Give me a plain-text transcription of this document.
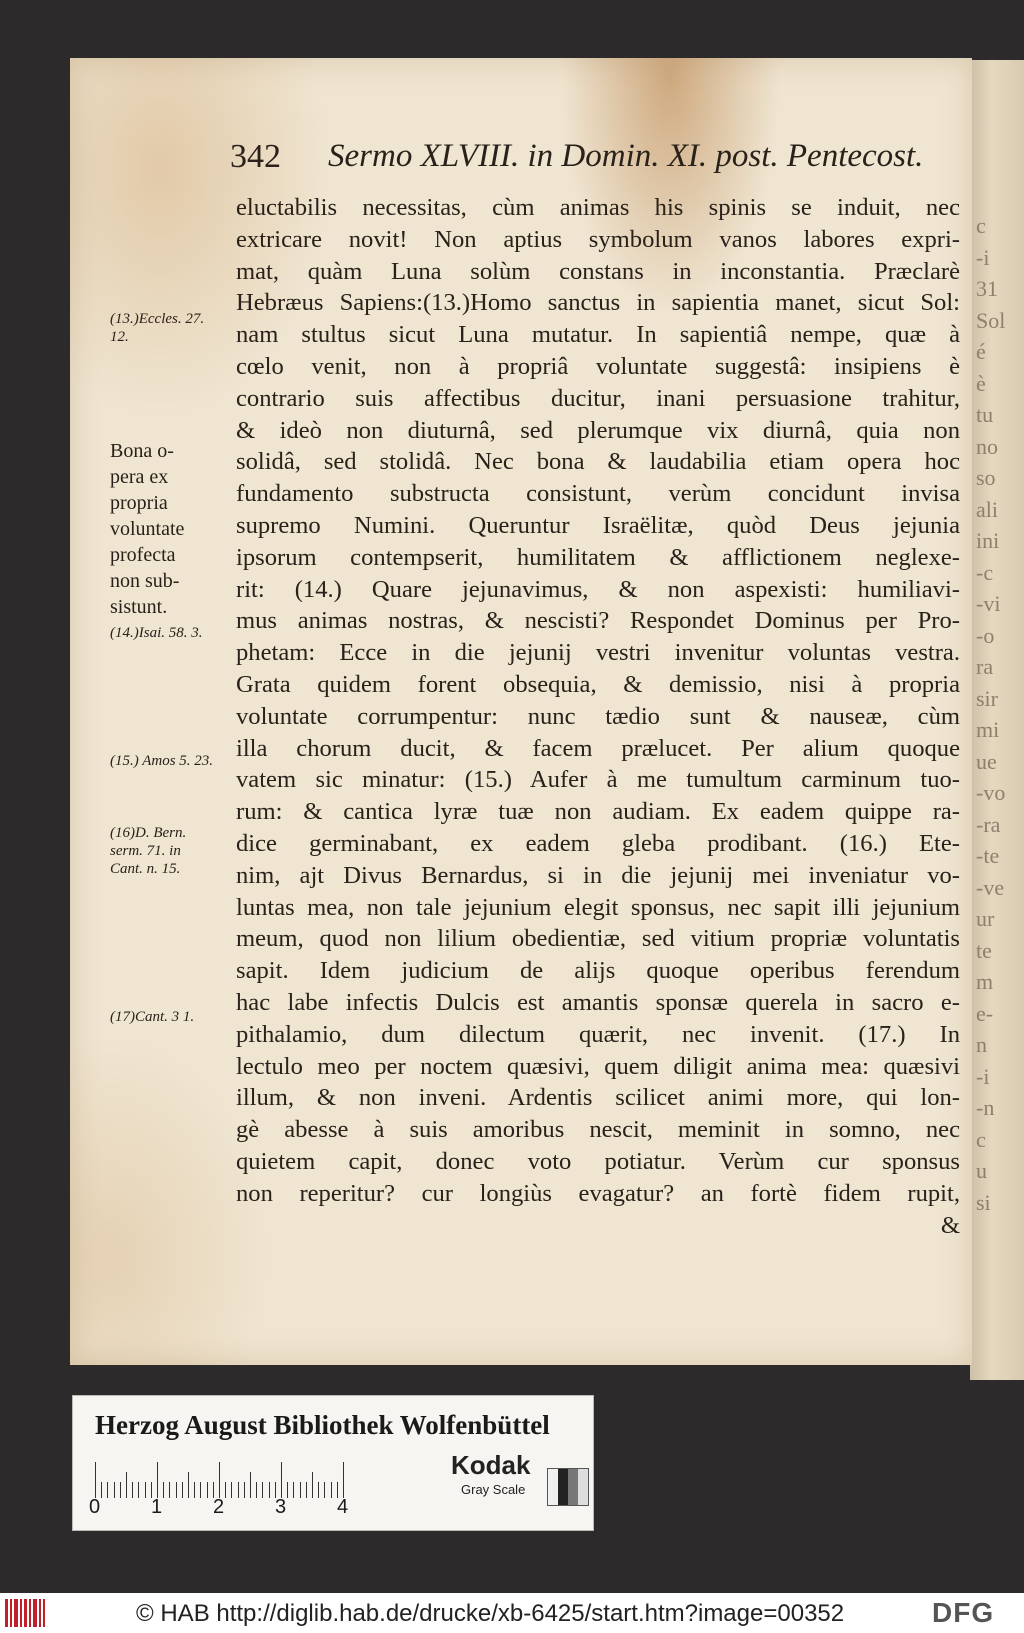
c
-i
31
Sol
é
è
tu
no
so
ali
ini
-c
-vi
-o
ra
sir
mi
ue
-vo
-ra
-te
-ve
ur
te
m
e-
n
-i
-n
c
u
si
342 Sermo XLVIII. in Domin. XI. post. Pentecost.
eluctabilis necessitas, cùm animas his spinis se induit, nec
extricare novit! Non aptius symbolum vanos labores expri-
mat, quàm Luna solùm constans in inconstantia. Præclarè
Hebræus Sapiens:(13.)Homo sanctus in sapientia manet, sicut Sol:
nam stultus sicut Luna mutatur. In sapientiâ nempe, quæ à
cœlo venit, non à propriâ voluntate suggestâ: insipiens è
contrario suis affectibus ducitur, inani persuasione trahitur,
& ideò non diuturnâ, sed plerumque vix diurnâ, quia non
solidâ, sed stolidâ. Nec bona & laudabilia etiam opera hoc
fundamento substructa consistunt, verùm concidunt invisa
supremo Numini. Queruntur Israëlitæ, quòd Deus jejunia
ipsorum contempserit, humilitatem & afflictionem neglexe-
rit: (14.) Quare jejunavimus, & non aspexisti: humiliavi-
mus animas nostras, & nescisti? Respondet Dominus per Pro-
phetam: Ecce in die jejunij vestri invenitur voluntas vestra.
Grata quidem forent obsequia, & demissio, nisi à propria
voluntate corrumpentur: nunc tædio sunt & nauseæ, cùm
illa chorum ducit, & facem prælucet. Per alium quoque
vatem sic minatur: (15.) Aufer à me tumultum carminum tuo-
rum: & cantica lyræ tuæ non audiam. Ex eadem quippe ra-
dice germinabant, ex eadem gleba prodibant. (16.) Ete-
nim, ajt Divus Bernardus, si in die jejunij mei inveniatur vo-
luntas mea, non tale jejunium elegit sponsus, nec sapit illi jejunium
meum, quod non lilium obedientiæ, sed vitium propriæ voluntatis
sapit. Idem judicium de alijs quoque operibus ferendum
hac labe infectis Dulcis est amantis sponsæ querela in sacro e-
pithalamio, dum dilectum quærit, nec invenit. (17.) In
lectulo meo per noctem quæsivi, quem diligit anima mea: quæsivi
illum, & non inveni. Ardentis scilicet animi more, qui lon-
gè abesse à suis amoribus nescit, meminit in somno, nec
quietem capit, donec voto potiatur. Verùm cur sponsus
non reperitur? cur longiùs evagatur? an fortè fidem rupit,
&
(13.)Eccles. 27. 12.
Bona o-
pera ex
propria
voluntate
profecta
non sub-
sistunt.
(14.)Isai. 58. 3.
(15.) Amos 5. 23.
(16)D. Bern. serm. 71. in Cant. n. 15.
(17)Cant. 3 1.
Herzog August Bibliothek Wolfenbüttel
0	1	2	3	4
Kodak
Gray Scale
© HAB http://diglib.hab.de/drucke/xb-6425/start.htm?image=00352	DFG
